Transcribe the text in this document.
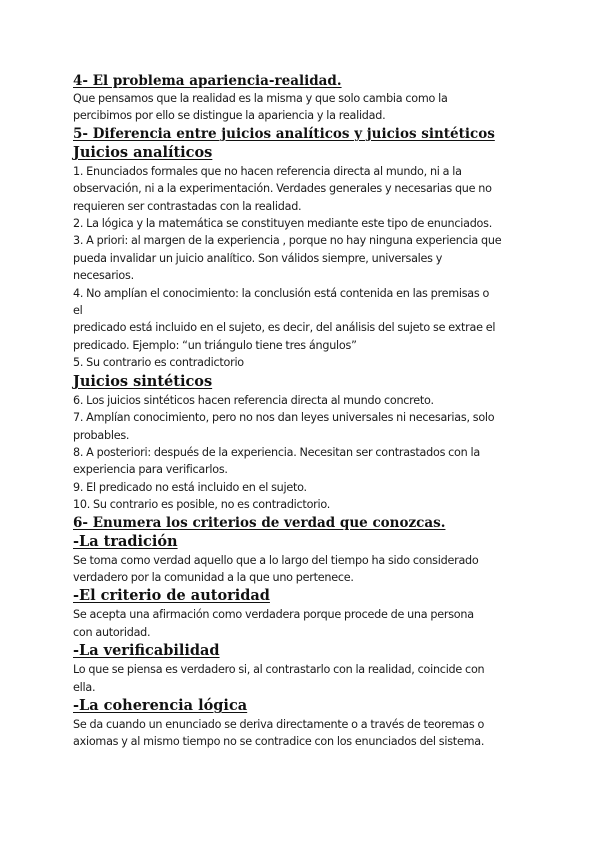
4- El problema apariencia-realidad.
Que pensamos que la realidad es la misma y que solo cambia como la
percibimos por ello se distingue la apariencia y la realidad.
5- Diferencia entre juicios analíticos y juicios sintéticos
Juicios analíticos
1. Enunciados formales que no hacen referencia directa al mundo, ni a la
observación, ni a la experimentación. Verdades generales y necesarias que no
requieren ser contrastadas con la realidad.
2. La lógica y la matemática se constituyen mediante este tipo de enunciados.
3. A priori: al margen de la experiencia , porque no hay ninguna experiencia que
pueda invalidar un juicio analítico. Son válidos siempre, universales y
necesarios.
4. No amplían el conocimiento: la conclusión está contenida en las premisas o
el
predicado está incluido en el sujeto, es decir, del análisis del sujeto se extrae el
predicado. Ejemplo: “un triángulo tiene tres ángulos”
5. Su contrario es contradictorio
Juicios sintéticos
6. Los juicios sintéticos hacen referencia directa al mundo concreto.
7. Amplían conocimiento, pero no nos dan leyes universales ni necesarias, solo
probables.
8. A posteriori: después de la experiencia. Necesitan ser contrastados con la
experiencia para verificarlos.
9. El predicado no está incluido en el sujeto.
10. Su contrario es posible, no es contradictorio.
6- Enumera los criterios de verdad que conozcas.
-La tradición
Se toma como verdad aquello que a lo largo del tiempo ha sido considerado
verdadero por la comunidad a la que uno pertenece.
-El criterio de autoridad
Se acepta una afirmación como verdadera porque procede de una persona
con autoridad.
-La verificabilidad
Lo que se piensa es verdadero si, al contrastarlo con la realidad, coincide con
ella.
-La coherencia lógica
Se da cuando un enunciado se deriva directamente o a través de teoremas o
axiomas y al mismo tiempo no se contradice con los enunciados del sistema.
